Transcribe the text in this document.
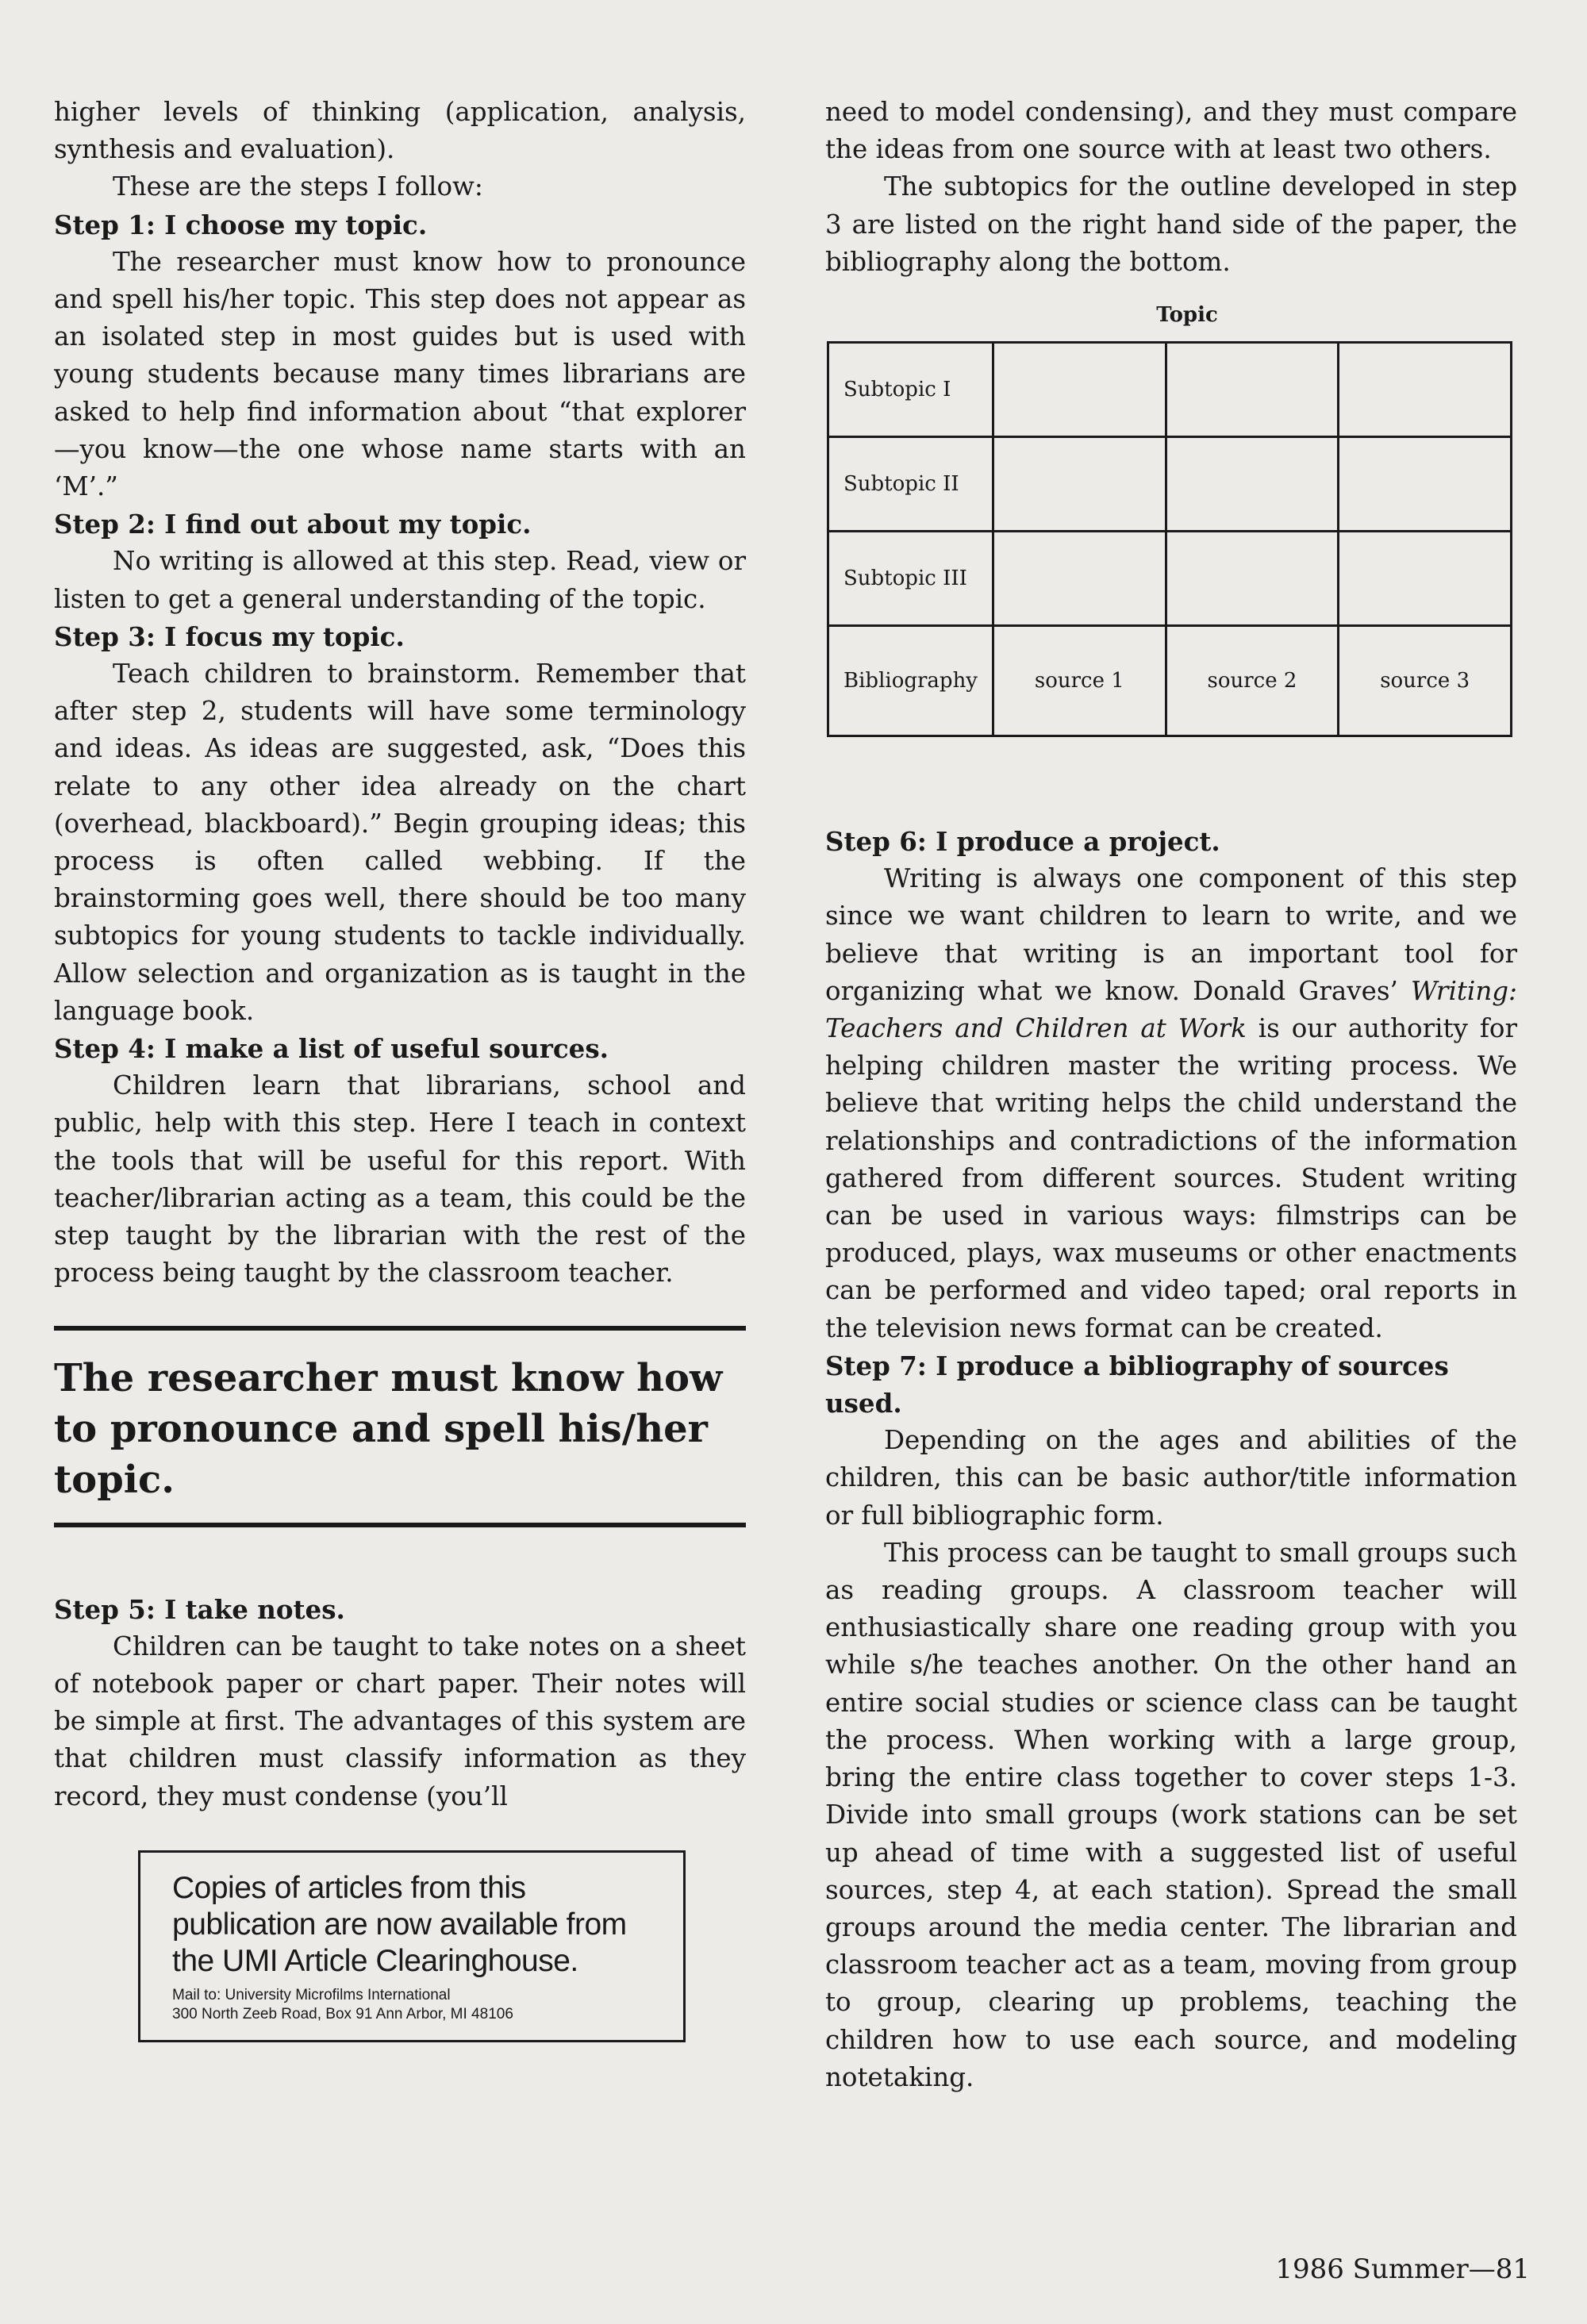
higher levels of thinking (application, analysis, synthesis and evaluation).

These are the steps I follow:

Step 1: I choose my topic.

The researcher must know how to pronounce and spell his/her topic. This step does not appear as an isolated step in most guides but is used with young students because many times librarians are asked to help find information about “that explorer—you know—the one whose name starts with an ‘M’.”

Step 2: I find out about my topic.

No writing is allowed at this step. Read, view or listen to get a general understanding of the topic.

Step 3: I focus my topic.

Teach children to brainstorm. Remember that after step 2, students will have some terminology and ideas. As ideas are suggested, ask, “Does this relate to any other idea already on the chart (overhead, blackboard).” Begin grouping ideas; this process is often called webbing. If the brainstorming goes well, there should be too many subtopics for young students to tackle individually. Allow selection and organization as is taught in the language book.

Step 4: I make a list of useful sources.

Children learn that librarians, school and public, help with this step. Here I teach in context the tools that will be useful for this report. With teacher/librarian acting as a team, this could be the step taught by the librarian with the rest of the process being taught by the classroom teacher.

The researcher must know how to pronounce and spell his/her topic.

Step 5: I take notes.

Children can be taught to take notes on a sheet of notebook paper or chart paper. Their notes will be simple at first. The advantages of this system are that children must classify information as they record, they must condense (you’ll

Copies of articles from this publication are now available from the UMI Article Clearinghouse.
Mail to: University Microfilms International
300 North Zeeb Road, Box 91 Ann Arbor, MI 48106

need to model condensing), and they must compare the ideas from one source with at least two others.

The subtopics for the outline developed in step 3 are listed on the right hand side of the paper, the bibliography along the bottom.

Topic
Subtopic I			
Subtopic II			
Subtopic III			
Bibliography	source 1	source 2	source 3

Step 6: I produce a project.

Writing is always one component of this step since we want children to learn to write, and we believe that writing is an important tool for organizing what we know. Donald Graves’ Writing: Teachers and Children at Work is our authority for helping children master the writing process. We believe that writing helps the child understand the relationships and contradictions of the information gathered from different sources. Student writing can be used in various ways: filmstrips can be produced, plays, wax museums or other enactments can be performed and video taped; oral reports in the television news format can be created.

Step 7: I produce a bibliography of sources used.

Depending on the ages and abilities of the children, this can be basic author/title information or full bibliographic form.

This process can be taught to small groups such as reading groups. A classroom teacher will enthusiastically share one reading group with you while s/he teaches another. On the other hand an entire social studies or science class can be taught the process. When working with a large group, bring the entire class together to cover steps 1-3. Divide into small groups (work stations can be set up ahead of time with a suggested list of useful sources, step 4, at each station). Spread the small groups around the media center. The librarian and classroom teacher act as a team, moving from group to group, clearing up problems, teaching the children how to use each source, and modeling notetaking.

1986 Summer—81
